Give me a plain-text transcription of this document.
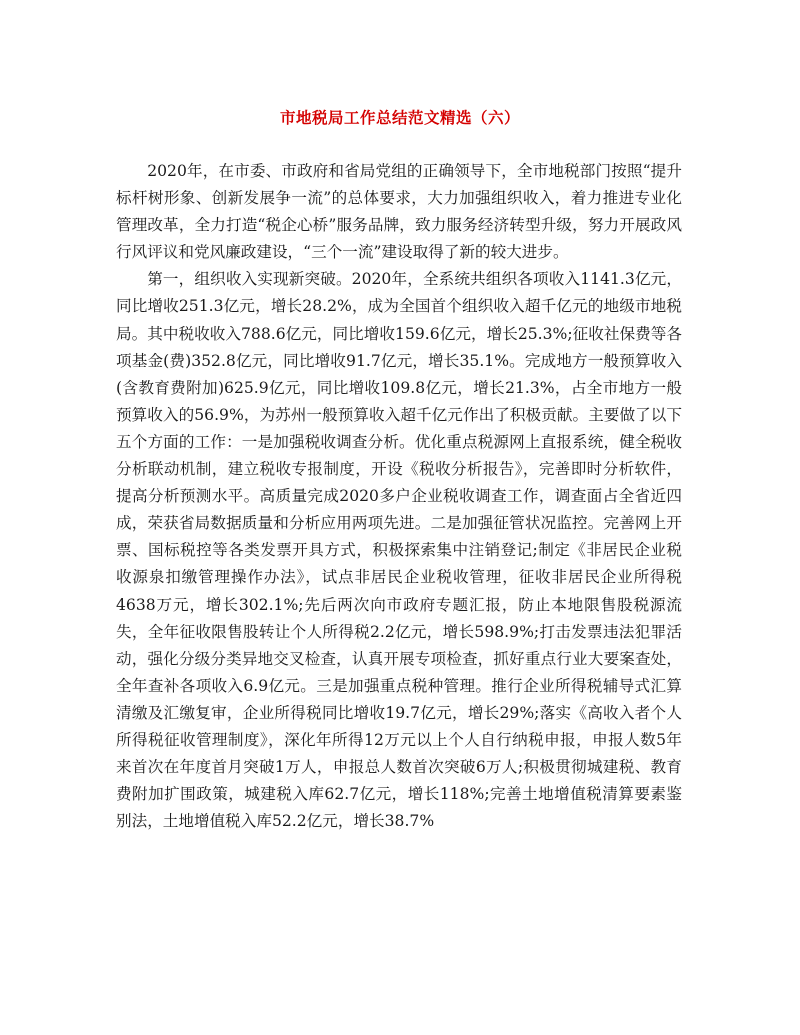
市地税局工作总结范文精选（六）

2020年，在市委、市政府和省局党组的正确领导下，全市地税部门按照“提升标杆树形象、创新发展争一流”的总体要求，大力加强组织收入，着力推进专业化管理改革，全力打造“税企心桥”服务品牌，致力服务经济转型升级，努力开展政风行风评议和党风廉政建设，“三个一流”建设取得了新的较大进步。

第一，组织收入实现新突破。2020年，全系统共组织各项收入1141.3亿元，同比增收251.3亿元，增长28.2%，成为全国首个组织收入超千亿元的地级市地税局。其中税收收入788.6亿元，同比增收159.6亿元，增长25.3%;征收社保费等各项基金(费)352.8亿元，同比增收91.7亿元，增长35.1%。完成地方一般预算收入(含教育费附加)625.9亿元，同比增收109.8亿元，增长21.3%，占全市地方一般预算收入的56.9%，为苏州一般预算收入超千亿元作出了积极贡献。主要做了以下五个方面的工作：一是加强税收调查分析。优化重点税源网上直报系统，健全税收分析联动机制，建立税收专报制度，开设《税收分析报告》，完善即时分析软件，提高分析预测水平。高质量完成2020多户企业税收调查工作，调查面占全省近四成，荣获省局数据质量和分析应用两项先进。二是加强征管状况监控。完善网上开票、国标税控等各类发票开具方式，积极探索集中注销登记;制定《非居民企业税收源泉扣缴管理操作办法》，试点非居民企业税收管理，征收非居民企业所得税4638万元，增长302.1%;先后两次向市政府专题汇报，防止本地限售股税源流失，全年征收限售股转让个人所得税2.2亿元，增长598.9%;打击发票违法犯罪活动，强化分级分类异地交叉检查，认真开展专项检查，抓好重点行业大要案查处，全年查补各项收入6.9亿元。三是加强重点税种管理。推行企业所得税辅导式汇算清缴及汇缴复审，企业所得税同比增收19.7亿元，增长29%;落实《高收入者个人所得税征收管理制度》，深化年所得12万元以上个人自行纳税申报，申报人数5年来首次在年度首月突破1万人，申报总人数首次突破6万人;积极贯彻城建税、教育费附加扩围政策，城建税入库62.7亿元，增长118%;完善土地增值税清算要素鉴别法，土地增值税入库52.2亿元，增长38.7%
